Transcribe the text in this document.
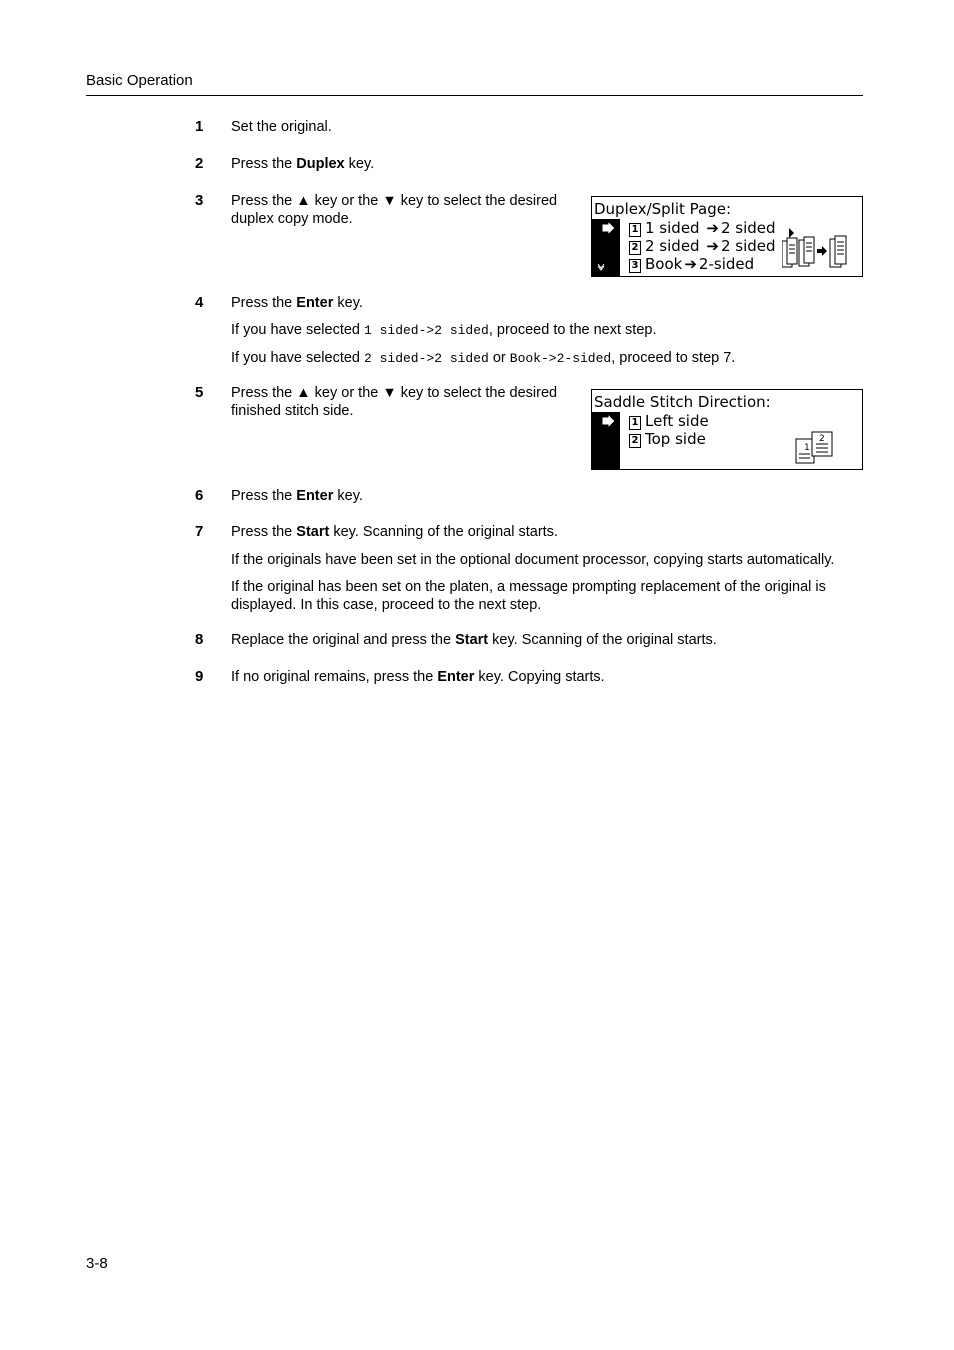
Basic Operation
1 Set the original.
2 Press the Duplex key.
3 Press the ▲ key or the ▼ key to select the desired duplex copy mode.
Duplex/Split Page:
1 1 sided ➔ 2 sided
2 2 sided ➔ 2 sided
3 Book ➔ 2-sided
4 Press the Enter key.
If you have selected 1 sided->2 sided, proceed to the next step.
If you have selected 2 sided->2 sided or Book->2-sided, proceed to step 7.
5 Press the ▲ key or the ▼ key to select the desired finished stitch side.	Saddle Stitch Direction:
1 Left side
2 Top side	1
2
6 Press the Enter key.
7 Press the Start key. Scanning of the original starts.
If the originals have been set in the optional document processor, copying starts automatically.
If the original has been set on the platen, a message prompting replacement of the original is displayed. In this case, proceed to the next step.
8 Replace the original and press the Start key. Scanning of the original starts.
9 If no original remains, press the Enter key. Copying starts.
3-8
